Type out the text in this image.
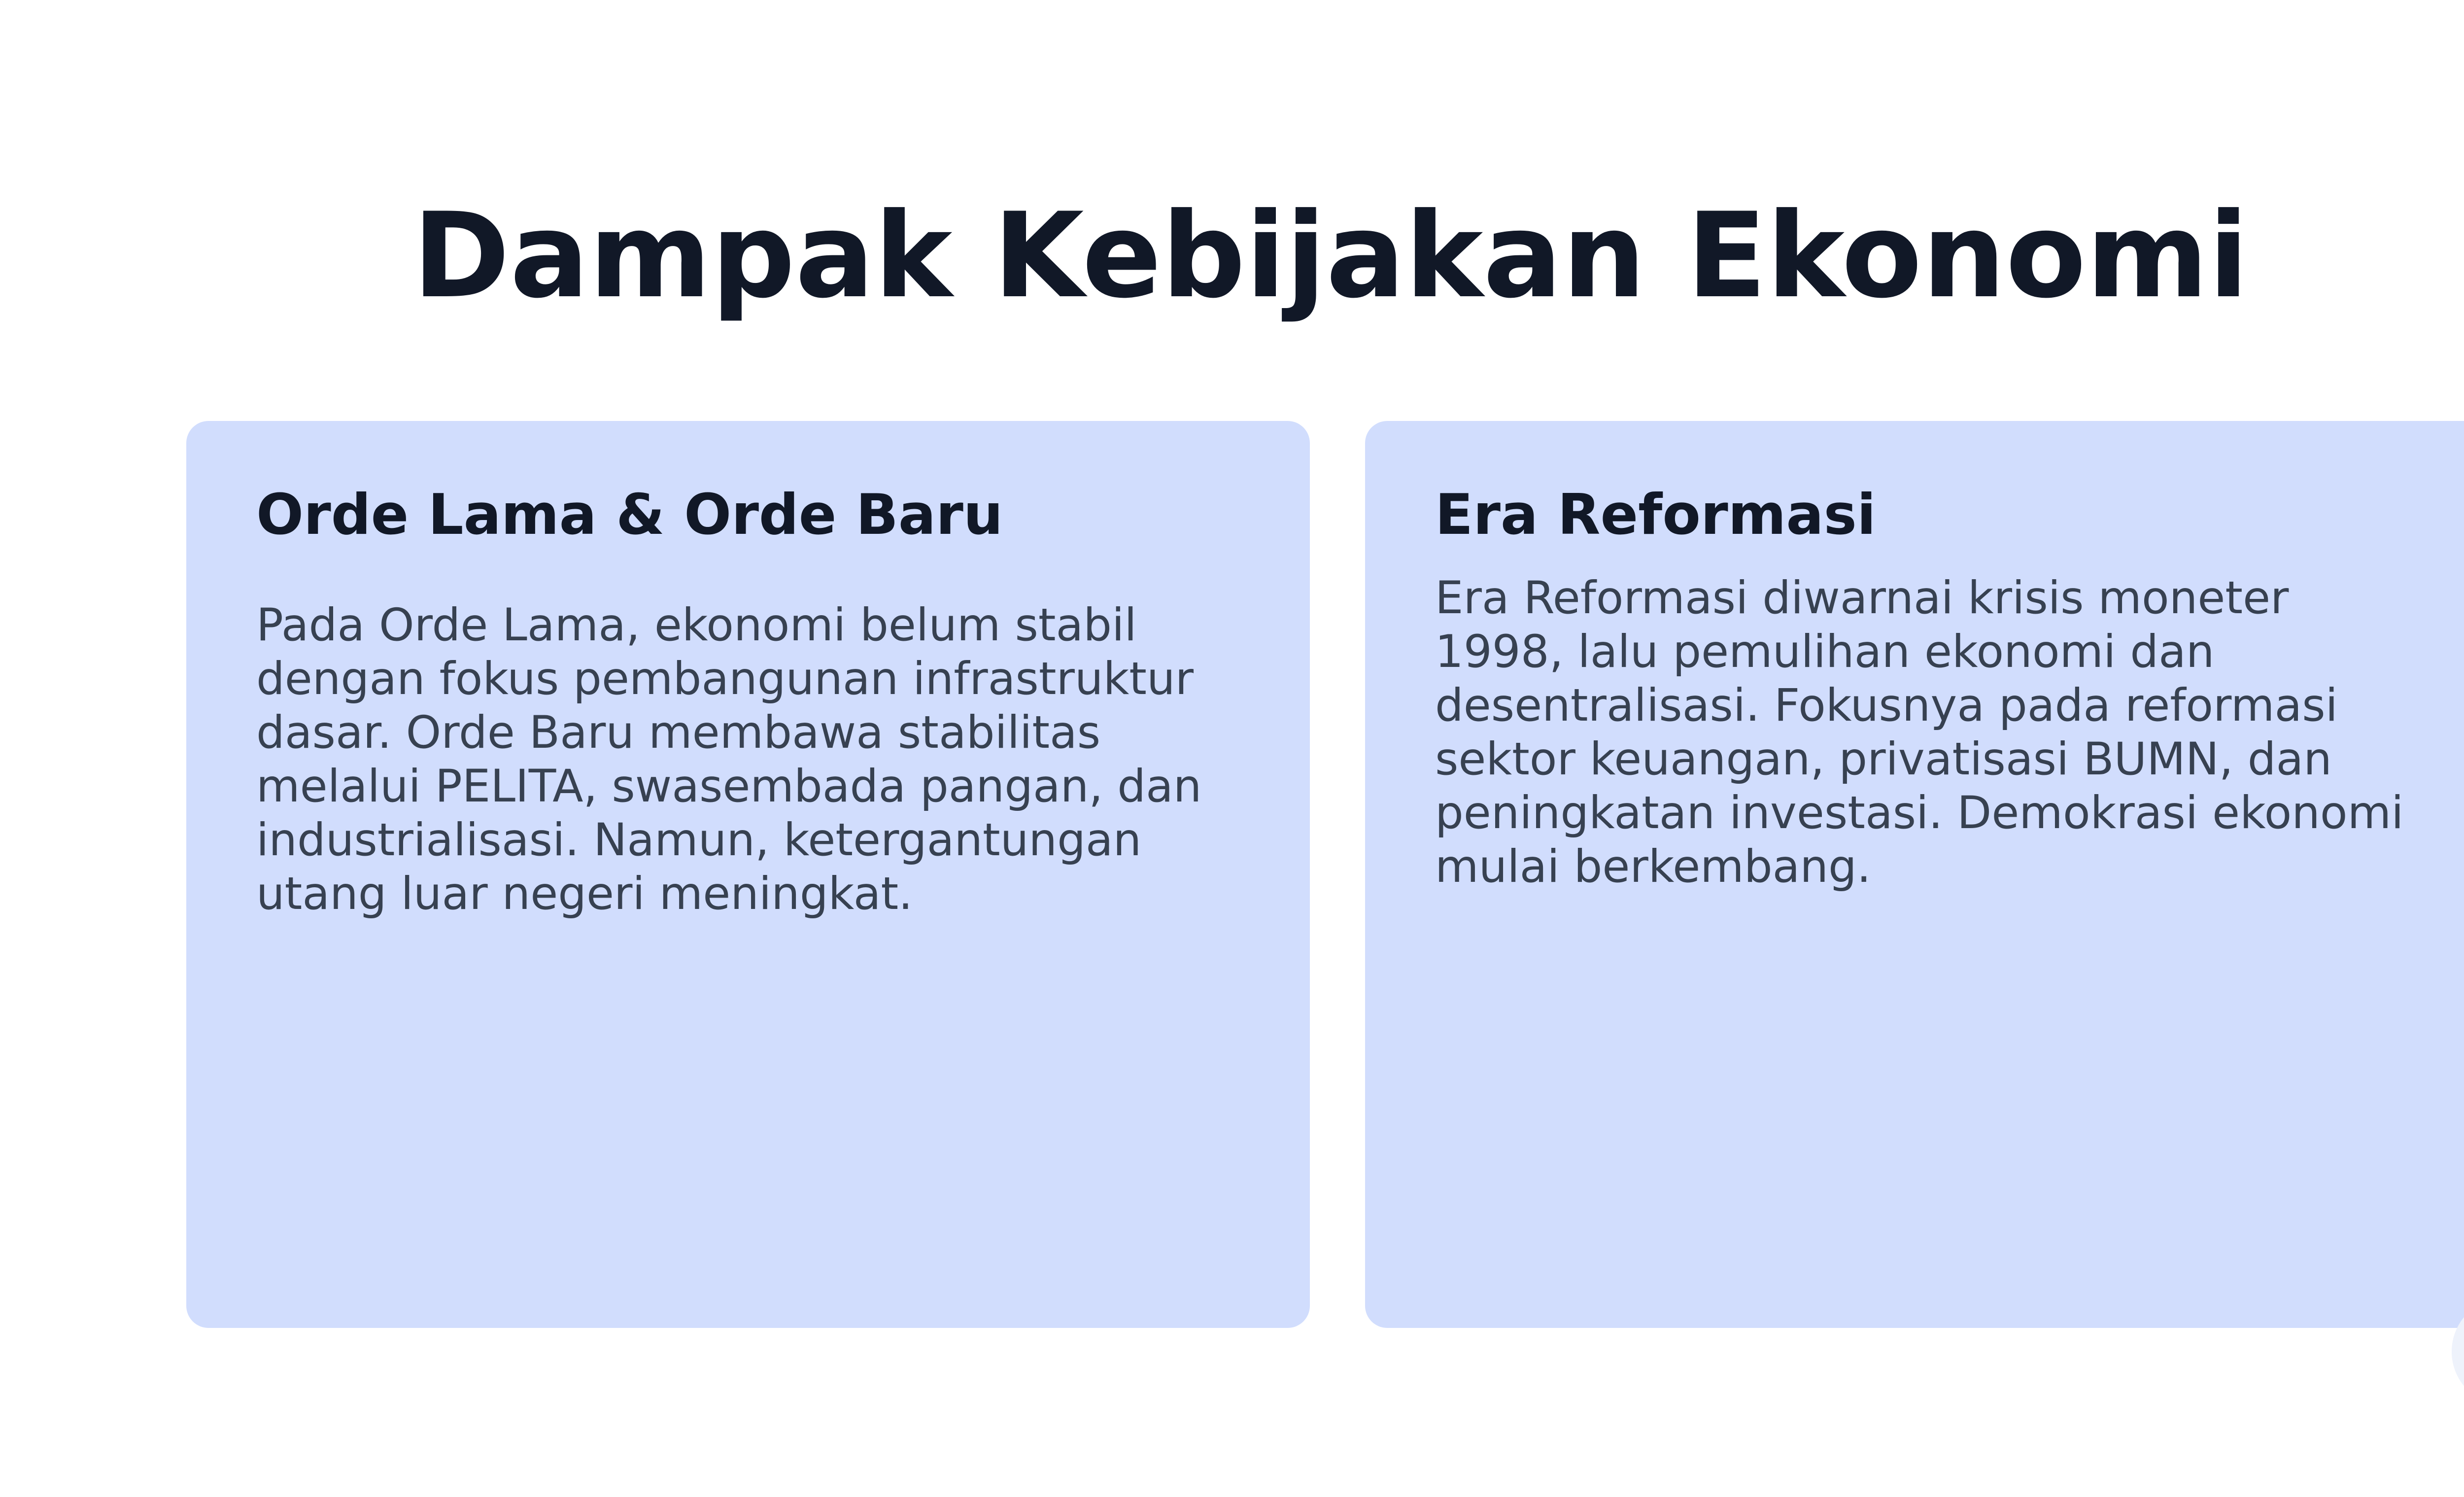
Dampak Kebijakan Ekonomi
Orde Lama & Orde Baru

Pada Orde Lama, ekonomi belum stabil
dengan fokus pembangunan infrastruktur
dasar. Orde Baru membawa stabilitas
melalui PELITA, swasembada pangan, dan
industrialisasi. Namun, ketergantungan
utang luar negeri meningkat.

Era Reformasi

Era Reformasi diwarnai krisis moneter
1998, lalu pemulihan ekonomi dan
desentralisasi. Fokusnya pada reformasi
sektor keuangan, privatisasi BUMN, dan
peningkatan investasi. Demokrasi ekonomi
mulai berkembang.
